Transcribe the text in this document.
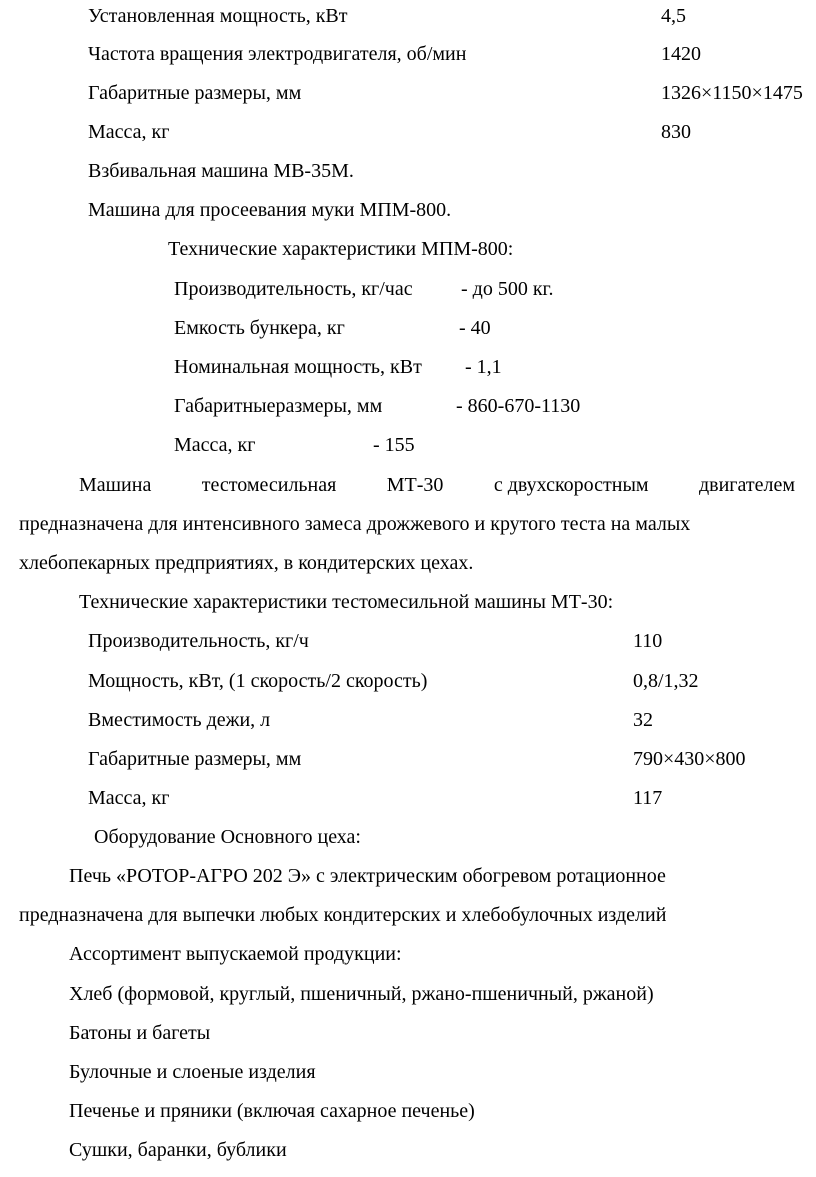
Установленная мощность, кВт	4,5
Частота вращения электродвигателя, об/мин	1420
Габаритные размеры, мм	1326×1150×1475
Масса, кг	830
Взбивальная машина МВ-35М.
Машина для просеевания муки МПМ-800.
Технические характеристики МПМ-800:
Производительность, кг/час - до 500 кг.
Емкость бункера, кг	- 40
Номинальная мощность, кВт - 1,1
Габаритныеразмеры, мм	- 860-670-1130
Масса, кг	- 155
Машина	тестомесильная	МТ-30	с двухскоростным	двигателем
предназначена для интенсивного замеса дрожжевого и крутого теста на малых
хлебопекарных предприятиях, в кондитерских цехах.
Технические характеристики тестомесильной машины МТ-30:
Производительность, кг/ч	110
Мощность, кВт, (1 скорость/2 скорость)	0,8/1,32
Вместимость дежи, л	32
Габаритные размеры, мм	790×430×800
Масса, кг	117
Оборудование Основного цеха:
Печь «РОТОР-АГРО 202 Э» с электрическим обогревом ротационное
предназначена для выпечки любых кондитерских и хлебобулочных изделий
Ассортимент выпускаемой продукции:
Хлеб (формовой, круглый, пшеничный, ржано-пшеничный, ржаной)
Батоны и багеты
Булочные и слоеные изделия
Печенье и пряники (включая сахарное печенье)
Сушки, баранки, бублики
